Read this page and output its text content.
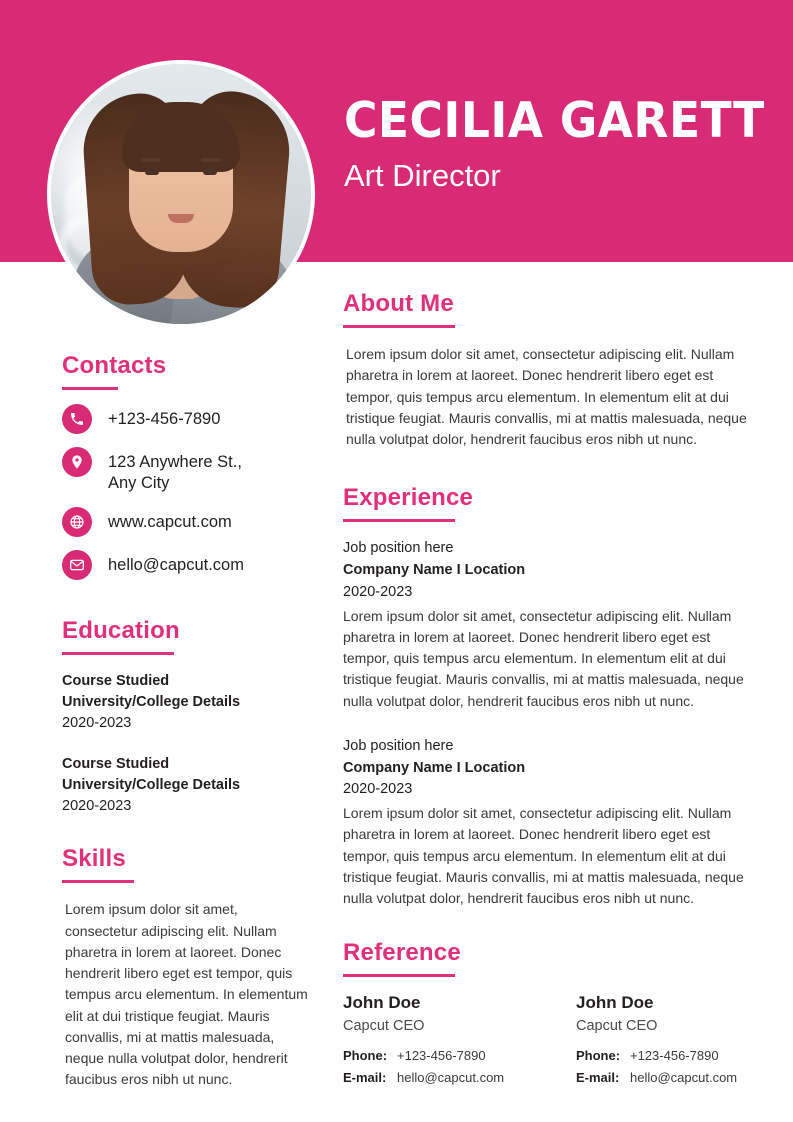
CECILIA GARETT
Art Director
Contacts
+123-456-7890
123 Anywhere St.,
Any City
www.capcut.com
hello@capcut.com
Education
Course Studied
University/College Details
2020-2023
Course Studied
University/College Details
2020-2023
Skills
Lorem ipsum dolor sit amet, consectetur adipiscing elit. Nullam pharetra in lorem at laoreet. Donec hendrerit libero eget est tempor, quis tempus arcu elementum. In elementum elit at dui tristique feugiat. Mauris convallis, mi at mattis malesuada, neque nulla volutpat dolor, hendrerit faucibus eros nibh ut nunc.
About Me
Lorem ipsum dolor sit amet, consectetur adipiscing elit. Nullam pharetra in lorem at laoreet. Donec hendrerit libero eget est tempor, quis tempus arcu elementum. In elementum elit at dui tristique feugiat. Mauris convallis, mi at mattis malesuada, neque nulla volutpat dolor, hendrerit faucibus eros nibh ut nunc.
Experience
Job position here
Company Name I Location
2020-2023
Lorem ipsum dolor sit amet, consectetur adipiscing elit. Nullam pharetra in lorem at laoreet. Donec hendrerit libero eget est tempor, quis tempus arcu elementum. In elementum elit at dui tristique feugiat. Mauris convallis, mi at mattis malesuada, neque nulla volutpat dolor, hendrerit faucibus eros nibh ut nunc.
Job position here
Company Name I Location
2020-2023
Lorem ipsum dolor sit amet, consectetur adipiscing elit. Nullam pharetra in lorem at laoreet. Donec hendrerit libero eget est tempor, quis tempus arcu elementum. In elementum elit at dui tristique feugiat. Mauris convallis, mi at mattis malesuada, neque nulla volutpat dolor, hendrerit faucibus eros nibh ut nunc.
Reference
John Doe
Capcut CEO
Phone: +123-456-7890
E-mail: hello@capcut.com
John Doe
Capcut CEO
Phone: +123-456-7890
E-mail: hello@capcut.com
